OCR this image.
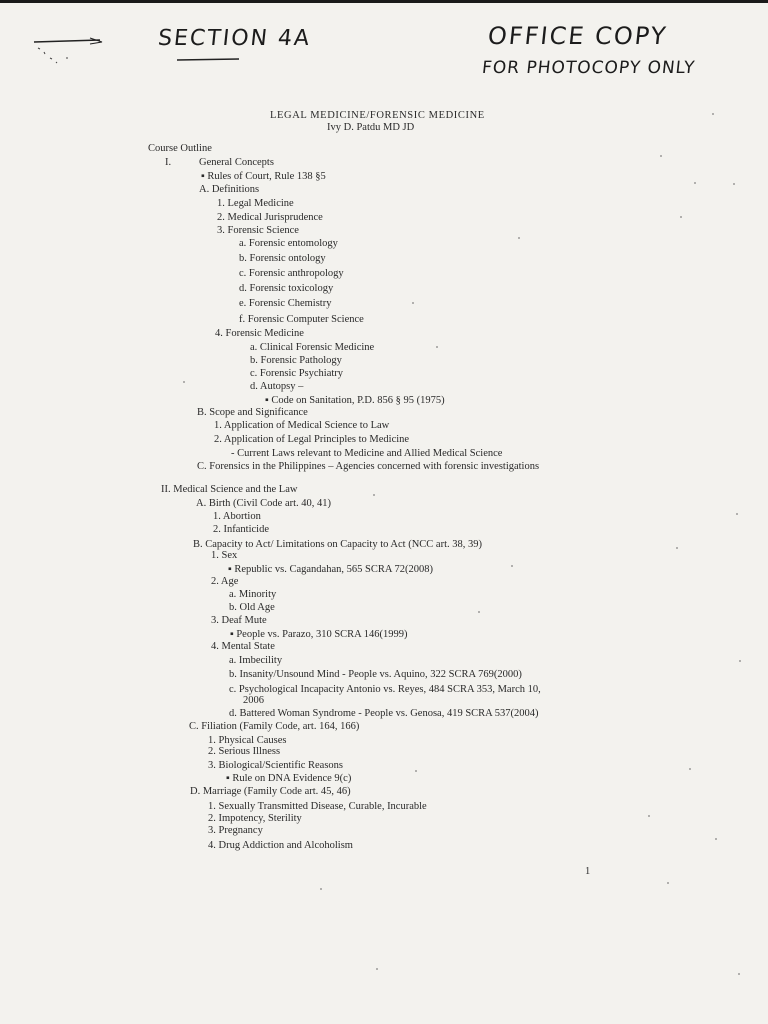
SECTION 4A	OFFICE COPY
FOR PHOTOCOPY ONLY
LEGAL MEDICINE/FORENSIC MEDICINE
Ivy D. Patdu MD JD
Course Outline
I.	General Concepts
▪ Rules of Court, Rule 138 §5
A. Definitions
1. Legal Medicine
2. Medical Jurisprudence
3. Forensic Science
a. Forensic entomology
b. Forensic ontology
c. Forensic anthropology
d. Forensic toxicology
e. Forensic Chemistry
f. Forensic Computer Science
4. Forensic Medicine
a. Clinical Forensic Medicine
b. Forensic Pathology
c. Forensic Psychiatry
d. Autopsy –
▪ Code on Sanitation, P.D. 856 § 95 (1975)
B. Scope and Significance
1. Application of Medical Science to Law
2. Application of Legal Principles to Medicine
- Current Laws relevant to Medicine and Allied Medical Science
C. Forensics in the Philippines – Agencies concerned with forensic investigations
II. Medical Science and the Law
A. Birth (Civil Code art. 40, 41)
1. Abortion
2. Infanticide
B. Capacity to Act/ Limitations on Capacity to Act (NCC art. 38, 39)
1. Sex
▪ Republic vs. Cagandahan, 565 SCRA 72(2008)
2. Age
a. Minority
b. Old Age
3. Deaf Mute
▪ People vs. Parazo, 310 SCRA 146(1999)
4. Mental State
a. Imbecility
b. Insanity/Unsound Mind - People vs. Aquino, 322 SCRA 769(2000)
c. Psychological Incapacity Antonio vs. Reyes, 484 SCRA 353, March 10,
2006
d. Battered Woman Syndrome - People vs. Genosa, 419 SCRA 537(2004)
C. Filiation (Family Code, art. 164, 166)
1. Physical Causes
2. Serious Illness
3. Biological/Scientific Reasons
▪ Rule on DNA Evidence 9(c)
D. Marriage (Family Code art. 45, 46)
1. Sexually Transmitted Disease, Curable, Incurable
2. Impotency, Sterility
3. Pregnancy
4. Drug Addiction and Alcoholism
1
